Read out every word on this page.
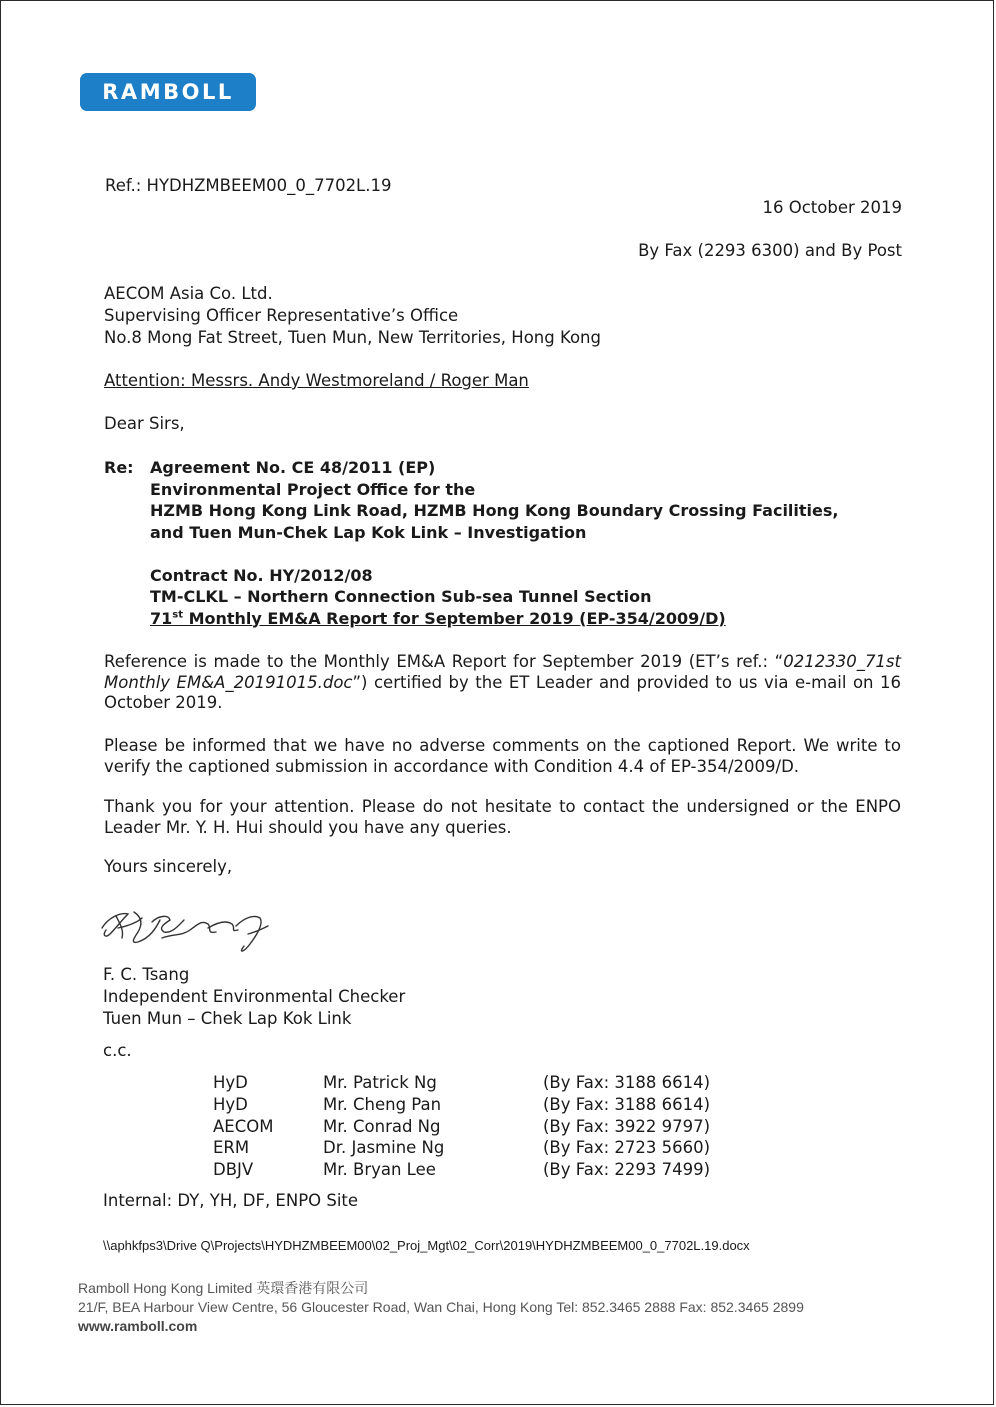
RAMBOLL
Ref.: HYDHZMBEEM00_0_7702L.19
16 October 2019
By Fax (2293 6300) and By Post
AECOM Asia Co. Ltd.
Supervising Officer Representative’s Office
No.8 Mong Fat Street, Tuen Mun, New Territories, Hong Kong
Attention: Messrs. Andy Westmoreland / Roger Man
Dear Sirs,
Re: Agreement No. CE 48/2011 (EP)
Environmental Project Office for the
HZMB Hong Kong Link Road, HZMB Hong Kong Boundary Crossing Facilities,
and Tuen Mun-Chek Lap Kok Link – Investigation
Contract No. HY/2012/08
TM-CLKL – Northern Connection Sub-sea Tunnel Section
71st Monthly EM&A Report for September 2019 (EP-354/2009/D)
Reference is made to the Monthly EM&A Report for September 2019 (ET’s ref.: “0212330_71st Monthly EM&A_20191015.doc”) certified by the ET Leader and provided to us via e-mail on 16 October 2019.
Please be informed that we have no adverse comments on the captioned Report. We write to verify the captioned submission in accordance with Condition 4.4 of EP-354/2009/D.
Thank you for your attention. Please do not hesitate to contact the undersigned or the ENPO Leader Mr. Y. H. Hui should you have any queries.
Yours sincerely,
F. C. Tsang
Independent Environmental Checker
Tuen Mun – Chek Lap Kok Link
c.c.
HyD	Mr. Patrick Ng	(By Fax: 3188 6614)
HyD	Mr. Cheng Pan	(By Fax: 3188 6614)
AECOM	Mr. Conrad Ng	(By Fax: 3922 9797)
ERM	Dr. Jasmine Ng	(By Fax: 2723 5660)
DBJV	Mr. Bryan Lee	(By Fax: 2293 7499)
Internal: DY, YH, DF, ENPO Site
\\aphkfps3\Drive Q\Projects\HYDHZMBEEM00\02_Proj_Mgt\02_Corr\2019\HYDHZMBEEM00_0_7702L.19.docx
Ramboll Hong Kong Limited 英環香港有限公司
21/F, BEA Harbour View Centre, 56 Gloucester Road, Wan Chai, Hong Kong Tel: 852.3465 2888 Fax: 852.3465 2899
www.ramboll.com
